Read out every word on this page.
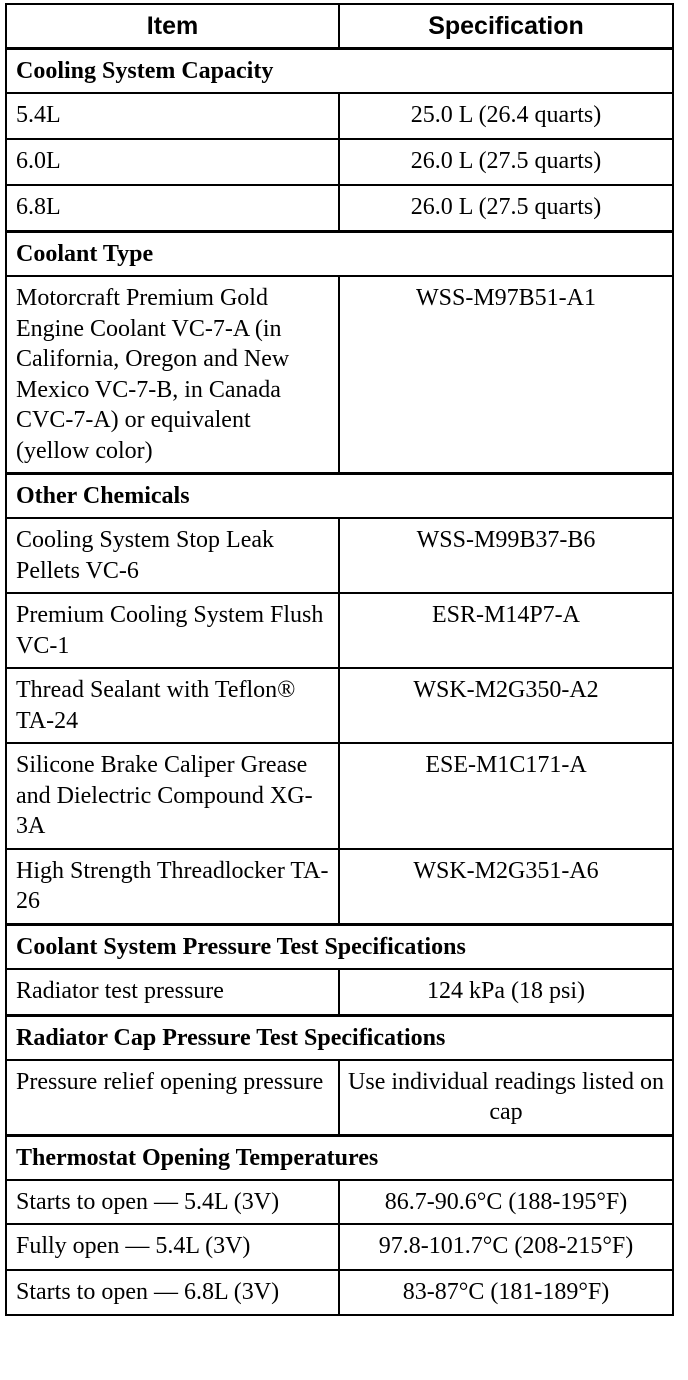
Item	Specification
Cooling System Capacity	
5.4L	25.0 L (26.4 quarts)
6.0L	26.0 L (27.5 quarts)
6.8L	26.0 L (27.5 quarts)
Coolant Type	
Motorcraft Premium Gold Engine Coolant VC-7-A (in California, Oregon and New Mexico VC-7-B, in Canada CVC-7-A) or equivalent (yellow color)	WSS-M97B51-A1
Other Chemicals	
Cooling System Stop Leak Pellets VC-6	WSS-M99B37-B6
Premium Cooling System Flush VC-1	ESR-M14P7-A
Thread Sealant with Teflon® TA-24	WSK-M2G350-A2
Silicone Brake Caliper Grease and Dielectric Compound XG-3A	ESE-M1C171-A
High Strength Threadlocker TA-26	WSK-M2G351-A6
Coolant System Pressure Test Specifications	
Radiator test pressure	124 kPa (18 psi)
Radiator Cap Pressure Test Specifications	
Pressure relief opening pressure	Use individual readings listed on cap
Thermostat Opening Temperatures	
Starts to open — 5.4L (3V)	86.7-90.6°C (188-195°F)
Fully open — 5.4L (3V)	97.8-101.7°C (208-215°F)
Starts to open — 6.8L (3V)	83-87°C (181-189°F)
